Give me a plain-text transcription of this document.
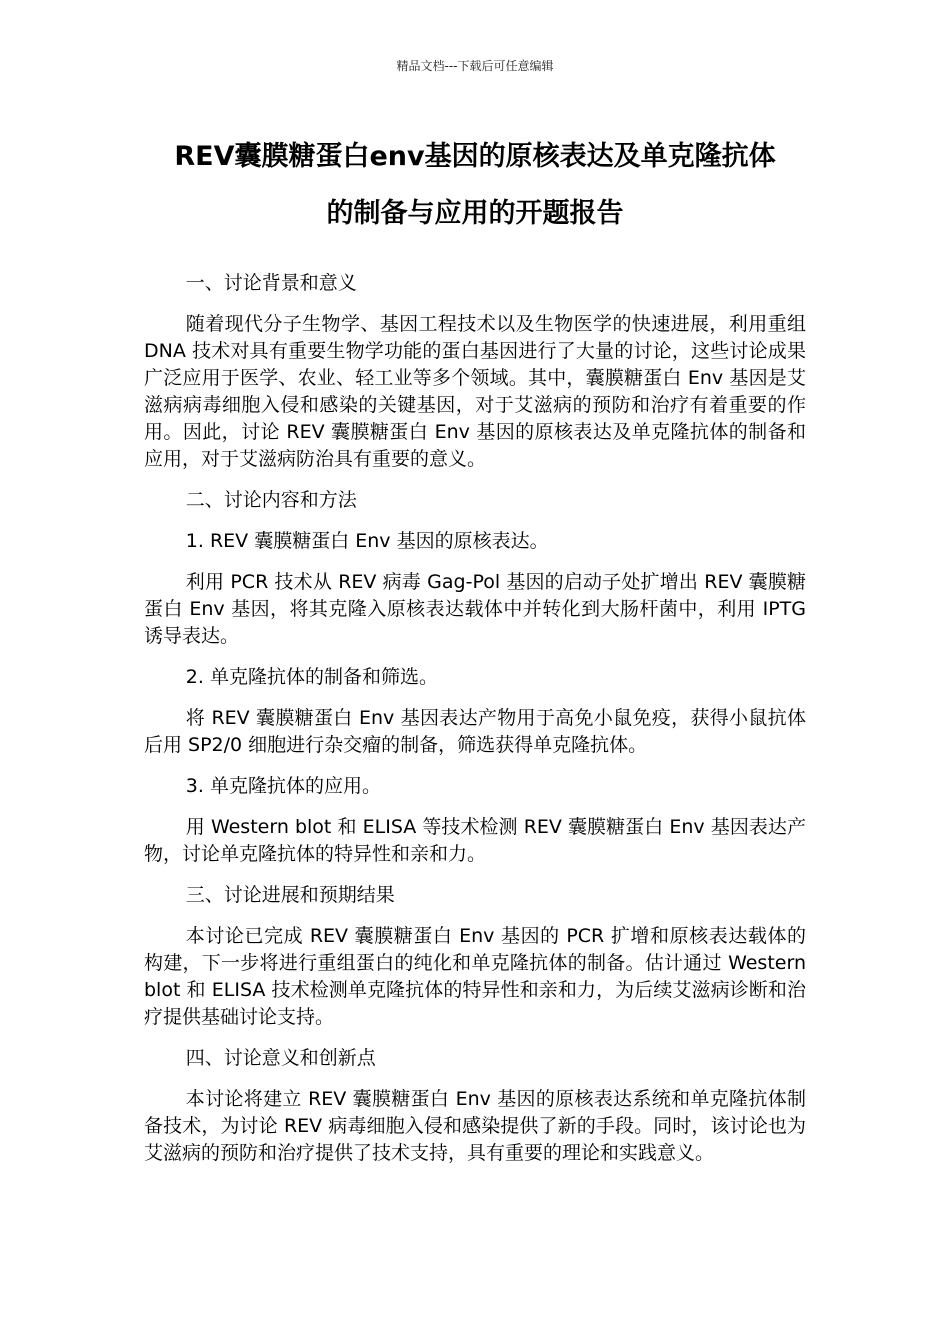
精品文档---下载后可任意编辑
REV囊膜糖蛋白env基因的原核表达及单克隆抗体
的制备与应用的开题报告

一、讨论背景和意义

随着现代分子生物学、基因工程技术以及生物医学的快速进展，利用重组 DNA 技术对具有重要生物学功能的蛋白基因进行了大量的讨论，这些讨论成果广泛应用于医学、农业、轻工业等多个领域。其中，囊膜糖蛋白 Env 基因是艾滋病病毒细胞入侵和感染的关键基因，对于艾滋病的预防和治疗有着重要的作用。因此，讨论 REV 囊膜糖蛋白 Env 基因的原核表达及单克隆抗体的制备和应用，对于艾滋病防治具有重要的意义。

二、讨论内容和方法

1. REV 囊膜糖蛋白 Env 基因的原核表达。

利用 PCR 技术从 REV 病毒 Gag-Pol 基因的启动子处扩增出 REV 囊膜糖蛋白 Env 基因，将其克隆入原核表达载体中并转化到大肠杆菌中，利用 IPTG 诱导表达。

2. 单克隆抗体的制备和筛选。

将 REV 囊膜糖蛋白 Env 基因表达产物用于高免小鼠免疫，获得小鼠抗体后用 SP2/0 细胞进行杂交瘤的制备，筛选获得单克隆抗体。

3. 单克隆抗体的应用。

用 Western blot 和 ELISA 等技术检测 REV 囊膜糖蛋白 Env 基因表达产物，讨论单克隆抗体的特异性和亲和力。

三、讨论进展和预期结果

本讨论已完成 REV 囊膜糖蛋白 Env 基因的 PCR 扩增和原核表达载体的构建，下一步将进行重组蛋白的纯化和单克隆抗体的制备。估计通过 Western blot 和 ELISA 技术检测单克隆抗体的特异性和亲和力，为后续艾滋病诊断和治疗提供基础讨论支持。

四、讨论意义和创新点

本讨论将建立 REV 囊膜糖蛋白 Env 基因的原核表达系统和单克隆抗体制备技术，为讨论 REV 病毒细胞入侵和感染提供了新的手段。同时，该讨论也为艾滋病的预防和治疗提供了技术支持，具有重要的理论和实践意义。
